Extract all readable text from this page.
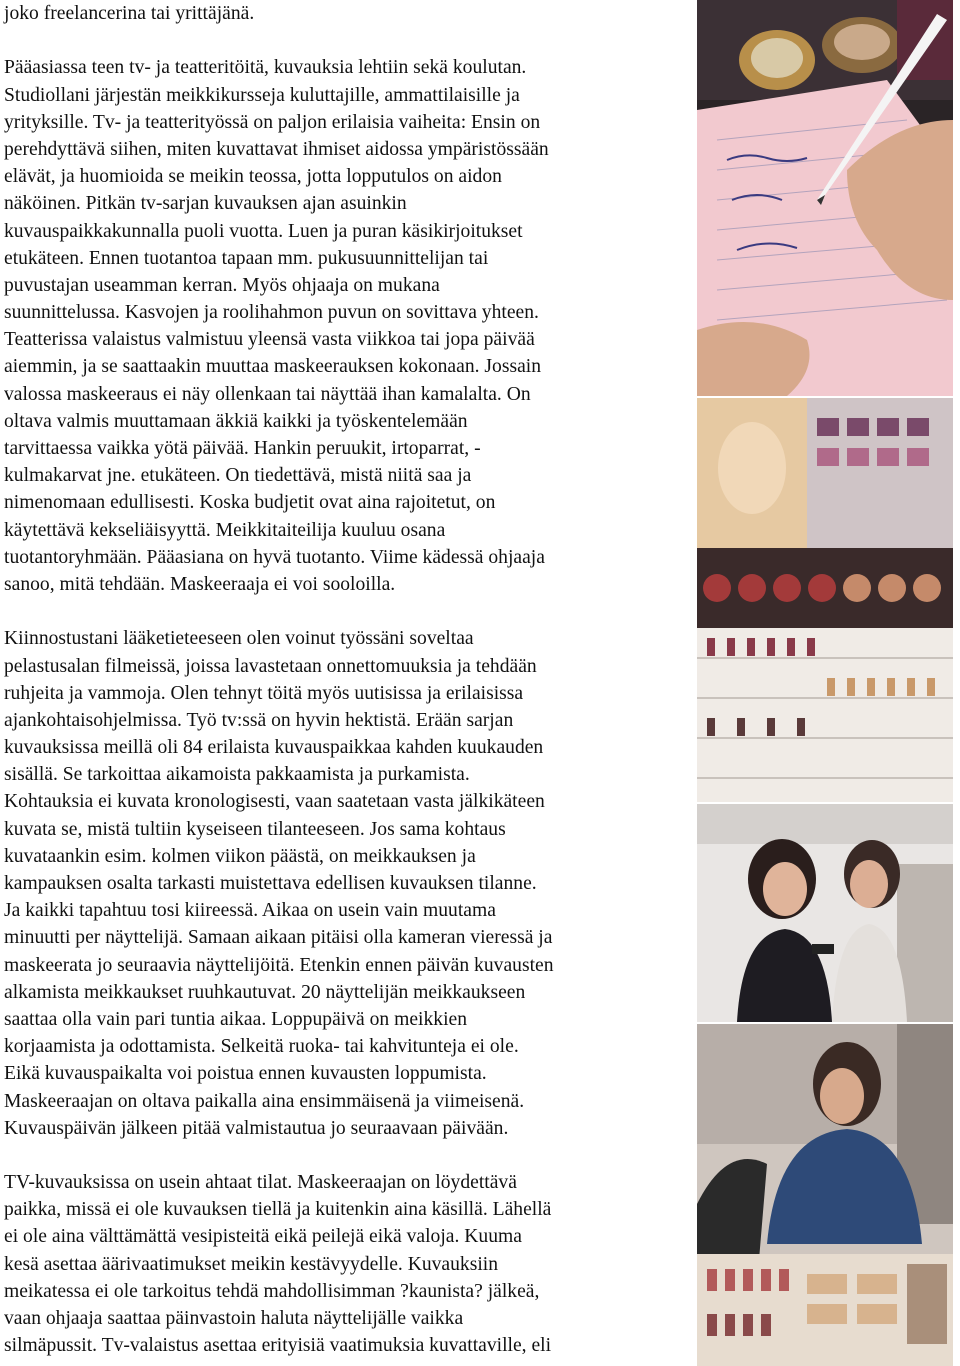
joko freelancerina tai yrittäjänä.
Pääasiassa teen tv- ja teatteritöitä, kuvauksia lehtiin sekä koulutan.
Studiollani järjestän meikkikursseja kuluttajille, ammattilaisille ja
yrityksille. Tv- ja teatterityössä on paljon erilaisia vaiheita: Ensin on
perehdyttävä siihen, miten kuvattavat ihmiset aidossa ympäristössään
elävät, ja huomioida se meikin teossa, jotta lopputulos on aidon
näköinen. Pitkän tv-sarjan kuvauksen ajan asuinkin
kuvauspaikkakunnalla puoli vuotta. Luen ja puran käsikirjoitukset
etukäteen. Ennen tuotantoa tapaan mm. pukusuunnittelijan tai
puvustajan useamman kerran. Myös ohjaaja on mukana
suunnittelussa. Kasvojen ja roolihahmon puvun on sovittava yhteen.
Teatterissa valaistus valmistuu yleensä vasta viikkoa tai jopa päivää
aiemmin, ja se saattaakin muuttaa maskeerauksen kokonaan. Jossain
valossa maskeeraus ei näy ollenkaan tai näyttää ihan kamalalta. On
oltava valmis muuttamaan äkkiä kaikki ja työskentelemään
tarvittaessa vaikka yötä päivää. Hankin peruukit, irtoparrat, -
kulmakarvat jne. etukäteen. On tiedettävä, mistä niitä saa ja
nimenomaan edullisesti. Koska budjetit ovat aina rajoitetut, on
käytettävä kekseliäisyyttä. Meikkitaiteilija kuuluu osana
tuotantoryhmään. Pääasiana on hyvä tuotanto. Viime kädessä ohjaaja
sanoo, mitä tehdään. Maskeeraaja ei voi sooloilla.
Kiinnostustani lääketieteeseen olen voinut työssäni soveltaa
pelastusalan filmeissä, joissa lavastetaan onnettomuuksia ja tehdään
ruhjeita ja vammoja. Olen tehnyt töitä myös uutisissa ja erilaisissa
ajankohtaisohjelmissa. Työ tv:ssä on hyvin hektistä. Erään sarjan
kuvauksissa meillä oli 84 erilaista kuvauspaikkaa kahden kuukauden
sisällä. Se tarkoittaa aikamoista pakkaamista ja purkamista.
Kohtauksia ei kuvata kronologisesti, vaan saatetaan vasta jälkikäteen
kuvata se, mistä tultiin kyseiseen tilanteeseen. Jos sama kohtaus
kuvataankin esim. kolmen viikon päästä, on meikkauksen ja
kampauksen osalta tarkasti muistettava edellisen kuvauksen tilanne.
Ja kaikki tapahtuu tosi kiireessä. Aikaa on usein vain muutama
minuutti per näyttelijä. Samaan aikaan pitäisi olla kameran vieressä ja
maskeerata jo seuraavia näyttelijöitä. Etenkin ennen päivän kuvausten
alkamista meikkaukset ruuhkautuvat. 20 näyttelijän meikkaukseen
saattaa olla vain pari tuntia aikaa. Loppupäivä on meikkien
korjaamista ja odottamista. Selkeitä ruoka- tai kahvitunteja ei ole.
Eikä kuvauspaikalta voi poistua ennen kuvausten loppumista.
Maskeeraajan on oltava paikalla aina ensimmäisenä ja viimeisenä.
Kuvauspäivän jälkeen pitää valmistautua jo seuraavaan päivään.
TV-kuvauksissa on usein ahtaat tilat. Maskeeraajan on löydettävä
paikka, missä ei ole kuvauksen tiellä ja kuitenkin aina käsillä. Lähellä
ei ole aina välttämättä vesipisteitä eikä peilejä eikä valoja. Kuuma
kesä asettaa äärivaatimukset meikin kestävyydelle. Kuvauksiin
meikatessa ei ole tarkoitus tehdä mahdollisimman ?kaunista? jälkeä,
vaan ohjaaja saattaa päinvastoin haluta näyttelijälle vaikka
silmäpussit. Tv-valaistus asettaa erityisiä vaatimuksia kuvattaville, eli
